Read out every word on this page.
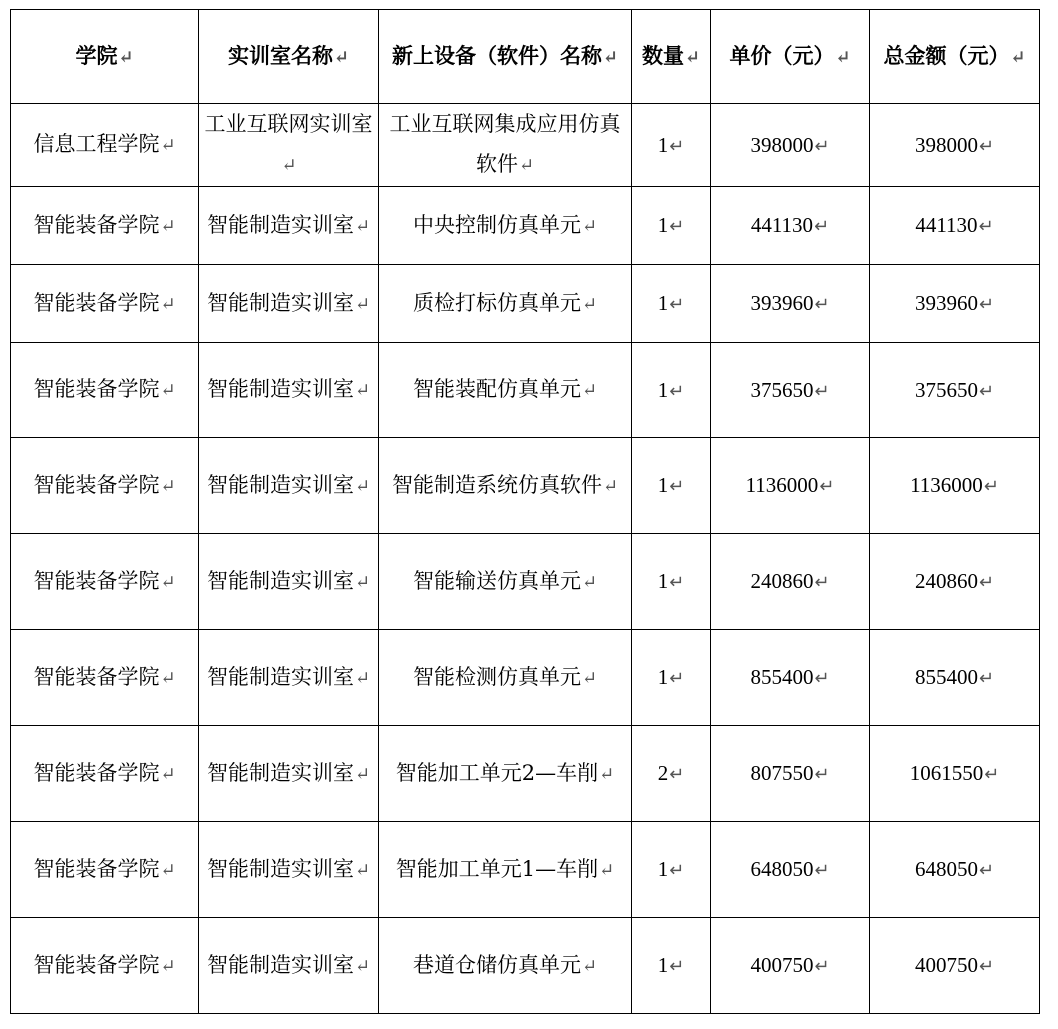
学院↵	实训室名称↵	新上设备（软件）名称↵	数量↵	单价（元）↵	总金额（元）↵
信息工程学院↵	工业互联网实训室↵	工业互联网集成应用仿真软件↵	1↵	398000↵	398000↵
智能装备学院↵	智能制造实训室↵	中央控制仿真单元↵	1↵	441130↵	441130↵
智能装备学院↵	智能制造实训室↵	质检打标仿真单元↵	1↵	393960↵	393960↵
智能装备学院↵	智能制造实训室↵	智能装配仿真单元↵	1↵	375650↵	375650↵
智能装备学院↵	智能制造实训室↵	智能制造系统仿真软件↵	1↵	1136000↵	1136000↵
智能装备学院↵	智能制造实训室↵	智能输送仿真单元↵	1↵	240860↵	240860↵
智能装备学院↵	智能制造实训室↵	智能检测仿真单元↵	1↵	855400↵	855400↵
智能装备学院↵	智能制造实训室↵	智能加工单元2—车削↵	2↵	807550↵	1061550↵
智能装备学院↵	智能制造实训室↵	智能加工单元1—车削↵	1↵	648050↵	648050↵
智能装备学院↵	智能制造实训室↵	巷道仓储仿真单元↵	1↵	400750↵	400750↵
